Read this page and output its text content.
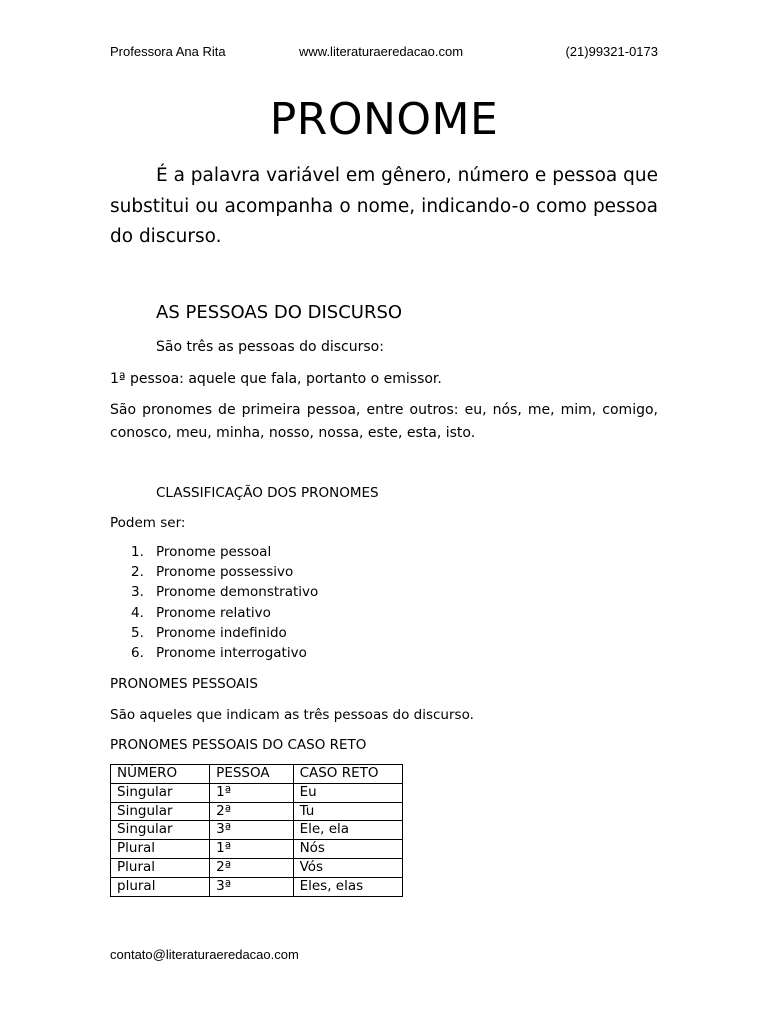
Professora Ana Rita	www.literaturaeredacao.com	(21)99321-0173
PRONOME

É a palavra variável em gênero, número e pessoa que substitui ou acompanha o nome, indicando-o como pessoa do discurso.

AS PESSOAS DO DISCURSO

São três as pessoas do discurso:

1ª pessoa: aquele que fala, portanto o emissor.

São pronomes de primeira pessoa, entre outros: eu, nós, me, mim, comigo, conosco, meu, minha, nosso, nossa, este, esta, isto.

CLASSIFICAÇÃO DOS PRONOMES

Podem ser:

1. Pronome pessoal
2. Pronome possessivo
3. Pronome demonstrativo
4. Pronome relativo
5. Pronome indefinido
6. Pronome interrogativo

PRONOMES PESSOAIS

São aqueles que indicam as três pessoas do discurso.

PRONOMES PESSOAIS DO CASO RETO

NÚMERO	PESSOA	CASO RETO
Singular	1ª	Eu
Singular	2ª	Tu
Singular	3ª	Ele, ela
Plural	1ª	Nós
Plural	2ª	Vós
plural	3ª	Eles, elas
contato@literaturaeredacao.com
